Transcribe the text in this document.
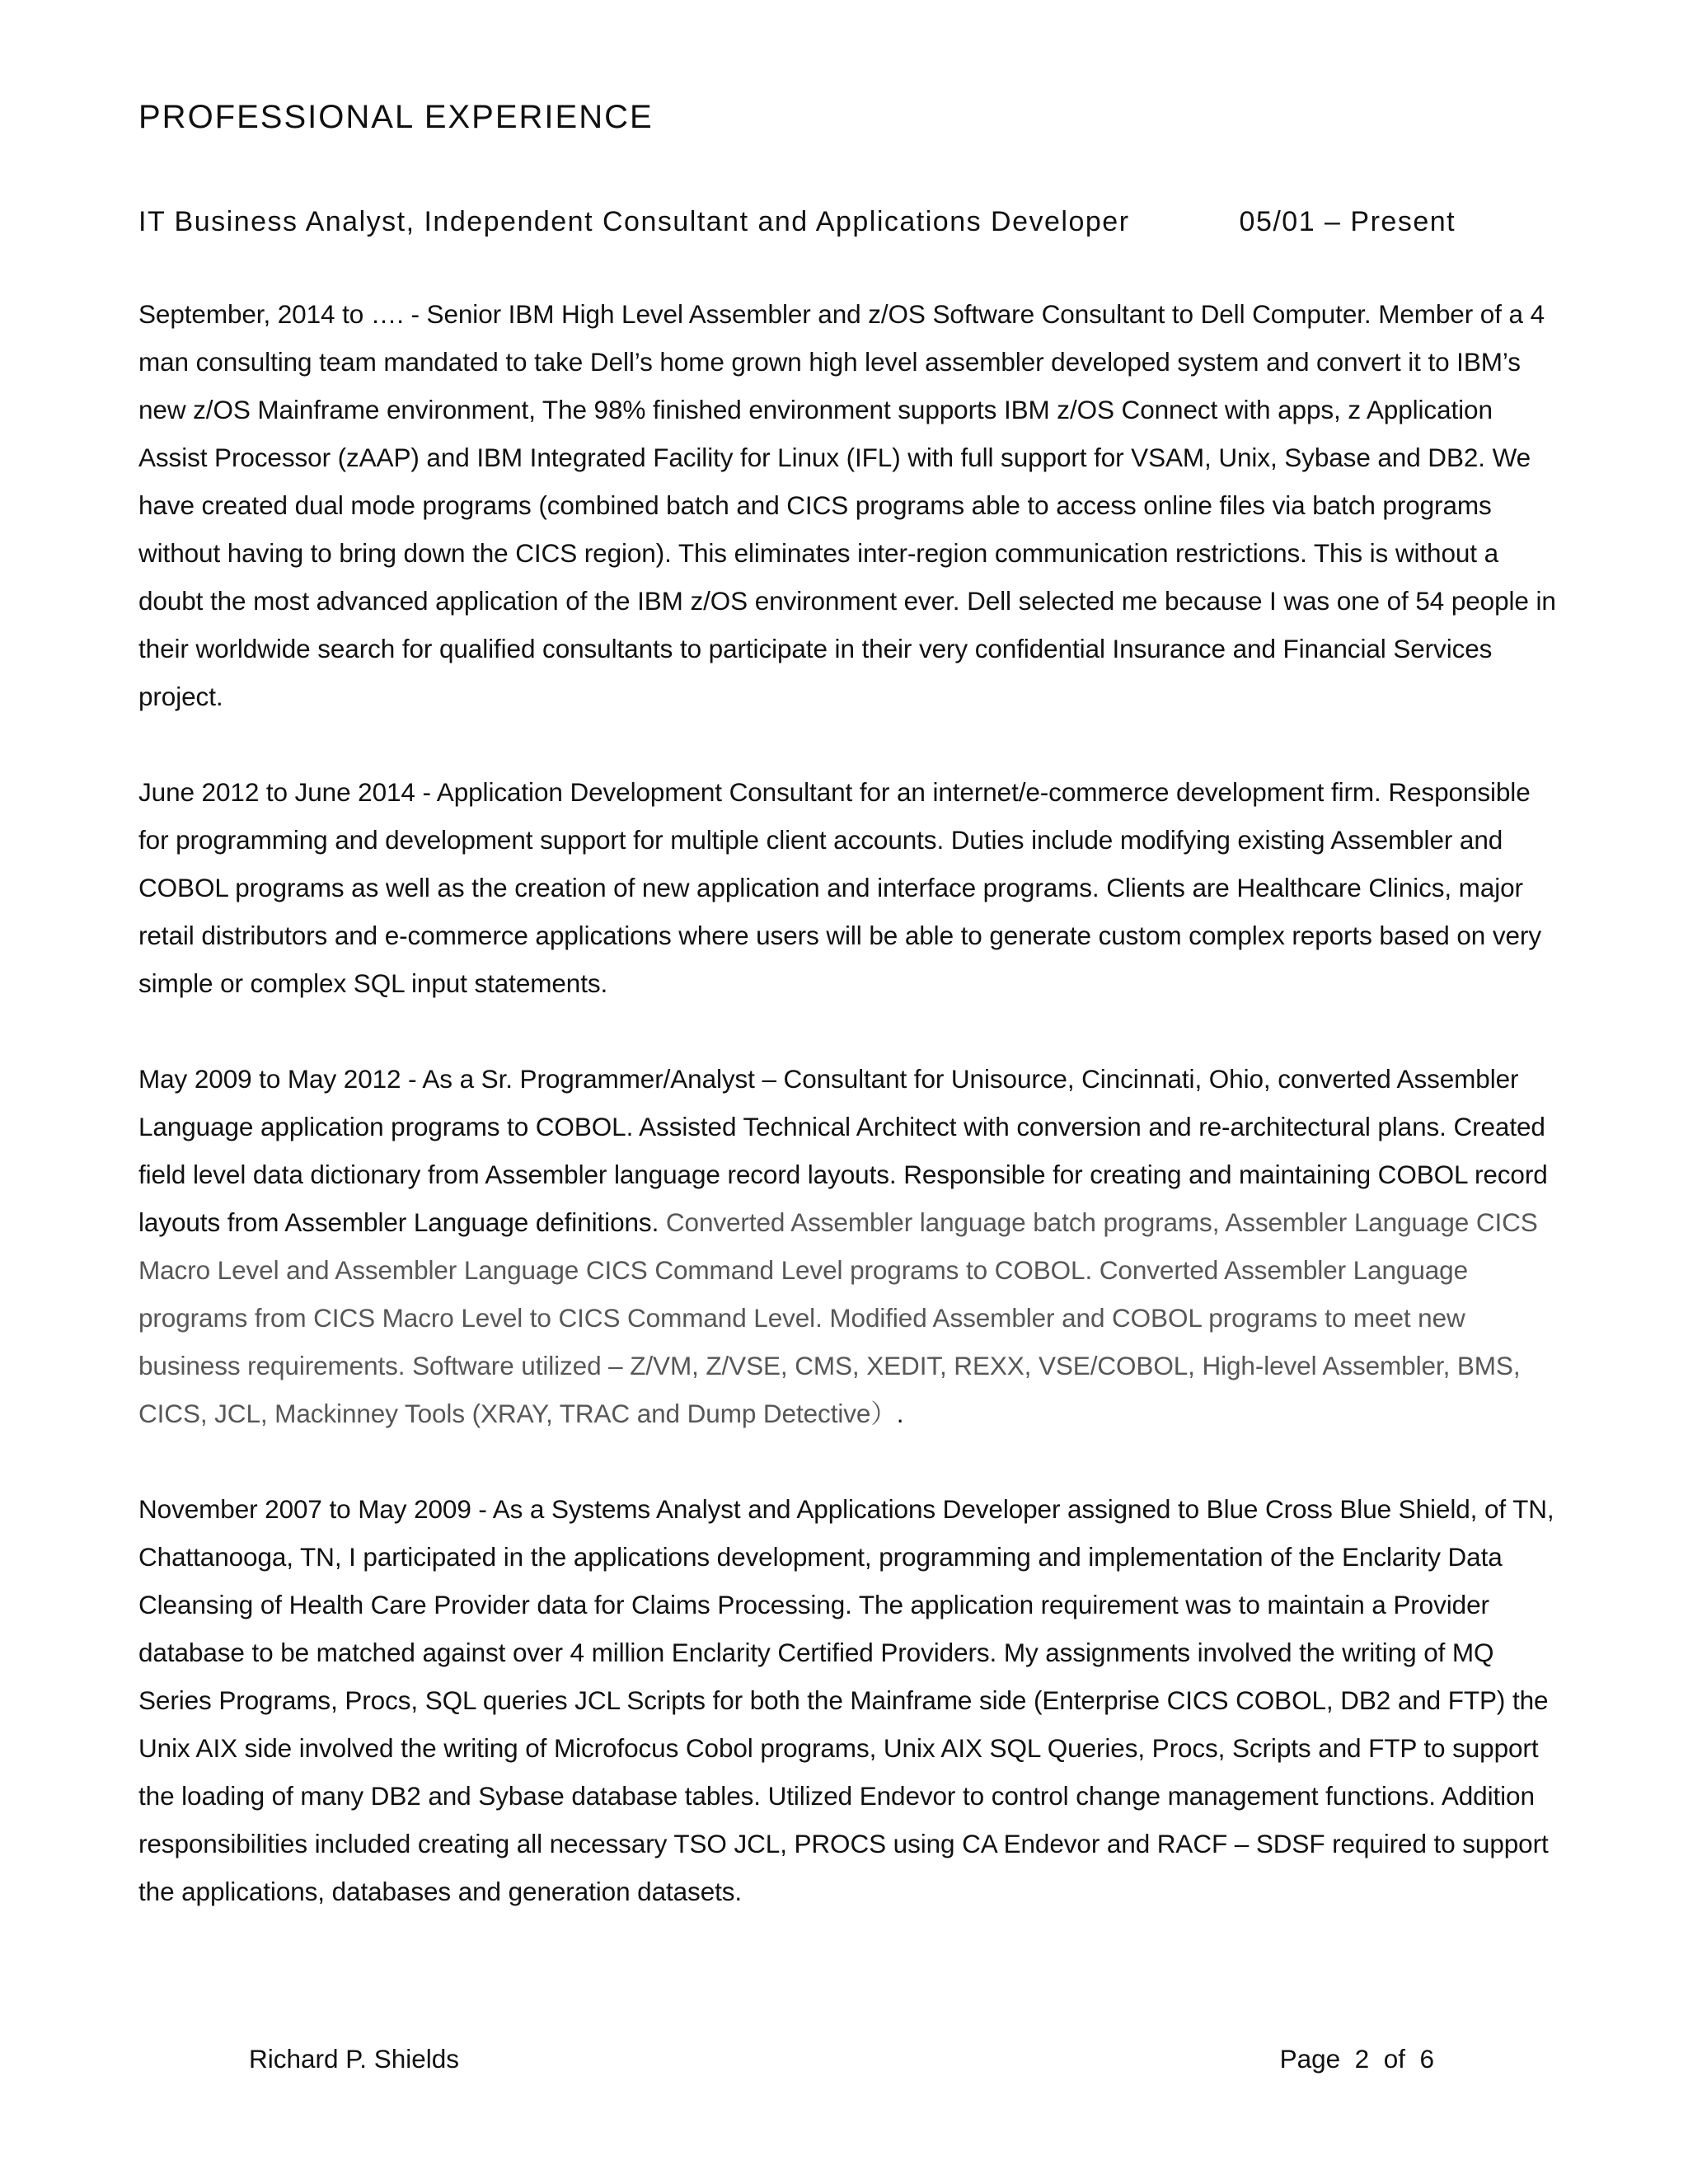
PROFESSIONAL EXPERIENCE
IT Business Analyst, Independent Consultant and Applications Developer	05/01 – Present

September, 2014 to …. - Senior IBM High Level Assembler and z/OS Software Consultant to Dell Computer. Member of a 4 man consulting team mandated to take Dell’s home grown high level assembler developed system and convert it to IBM’s new z/OS Mainframe environment, The 98% finished environment supports IBM z/OS Connect with apps, z Application Assist Processor (zAAP) and IBM Integrated Facility for Linux (IFL) with full support for VSAM, Unix, Sybase and DB2. We have created dual mode programs (combined batch and CICS programs able to access online files via batch programs without having to bring down the CICS region). This eliminates inter-region communication restrictions. This is without a doubt the most advanced application of the IBM z/OS environment ever. Dell selected me because I was one of 54 people in their worldwide search for qualified consultants to participate in their very confidential Insurance and Financial Services project.

June 2012 to June 2014 - Application Development Consultant for an internet/e-commerce development firm. Responsible for programming and development support for multiple client accounts. Duties include modifying existing Assembler and COBOL programs as well as the creation of new application and interface programs. Clients are Healthcare Clinics, major retail distributors and e-commerce applications where users will be able to generate custom complex reports based on very simple or complex SQL input statements.

May 2009 to May 2012 - As a Sr. Programmer/Analyst – Consultant for Unisource, Cincinnati, Ohio, converted Assembler Language application programs to COBOL. Assisted Technical Architect with conversion and re-architectural plans. Created field level data dictionary from Assembler language record layouts. Responsible for creating and maintaining COBOL record layouts from Assembler Language definitions. Converted Assembler language batch programs, Assembler Language CICS Macro Level and Assembler Language CICS Command Level programs to COBOL. Converted Assembler Language programs from CICS Macro Level to CICS Command Level. Modified Assembler and COBOL programs to meet new business requirements. Software utilized – Z/VM, Z/VSE, CMS, XEDIT, REXX, VSE/COBOL, High-level Assembler, BMS, CICS, JCL, Mackinney Tools (XRAY, TRAC and Dump Detective）.

November 2007 to May 2009 - As a Systems Analyst and Applications Developer assigned to Blue Cross Blue Shield, of TN, Chattanooga, TN, I participated in the applications development, programming and implementation of the Enclarity Data Cleansing of Health Care Provider data for Claims Processing. The application requirement was to maintain a Provider database to be matched against over 4 million Enclarity Certified Providers. My assignments involved the writing of MQ Series Programs, Procs, SQL queries JCL Scripts for both the Mainframe side (Enterprise CICS COBOL, DB2 and FTP) the Unix AIX side involved the writing of Microfocus Cobol programs, Unix AIX SQL Queries, Procs, Scripts and FTP to support the loading of many DB2 and Sybase database tables. Utilized Endevor to control change management functions. Addition responsibilities included creating all necessary TSO JCL, PROCS using CA Endevor and RACF – SDSF required to support the applications, databases and generation datasets.

Richard P. Shields	Page  2  of  6
